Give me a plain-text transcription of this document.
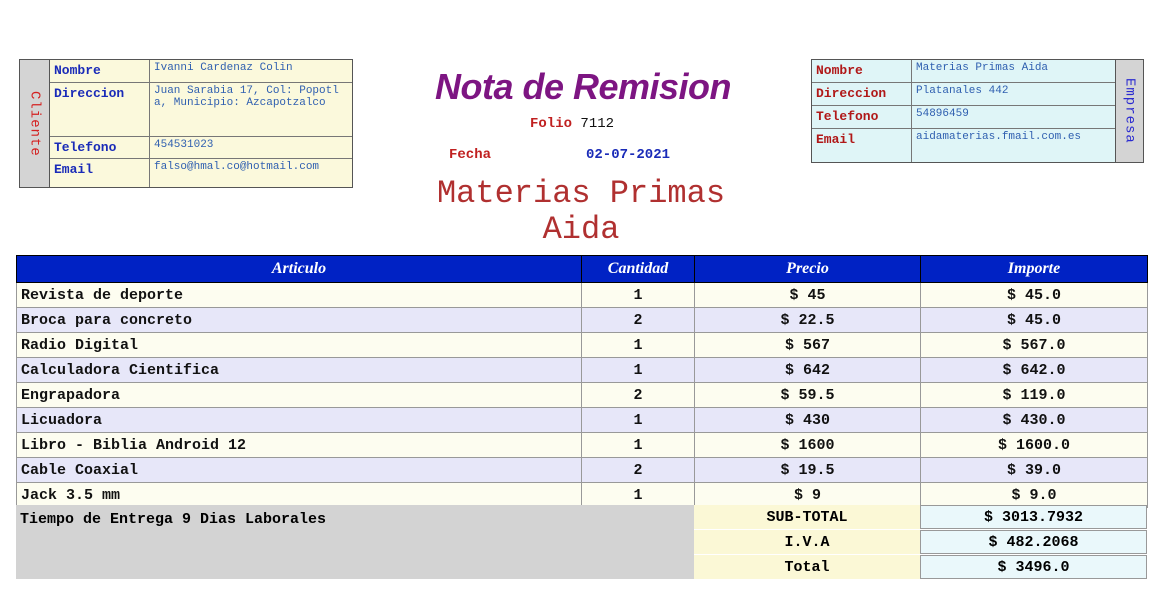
Cliente
Nombre	Ivanni Cardenaz Colin
Direccion	Juan Sarabia 17, Col: Popotla, Municipio: Azcapotzalco
Telefono	454531023
Email	falso@hmal.co@hotmail.com
Empresa
Nombre	Materias Primas Aida
Direccion	Platanales 442
Telefono	54896459
Email	aidamaterias.fmail.com.es
Nota de Remision
Folio 7112
Fecha	02-07-2021
Materias Primas Aida
Articulo	Cantidad	Precio	Importe
Revista de deporte	1	$ 45	$ 45.0
Broca para concreto	2	$ 22.5	$ 45.0
Radio Digital	1	$ 567	$ 567.0
Calculadora Cientifica	1	$ 642	$ 642.0
Engrapadora	2	$ 59.5	$ 119.0
Licuadora	1	$ 430	$ 430.0
Libro - Biblia Android 12	1	$ 1600	$ 1600.0
Cable Coaxial	2	$ 19.5	$ 39.0
Jack 3.5 mm	1	$ 9	$ 9.0
Tiempo de Entrega 9 Dias Laborales	SUB-TOTAL	$ 3013.7932
I.V.A	$ 482.2068
Total	$ 3496.0
